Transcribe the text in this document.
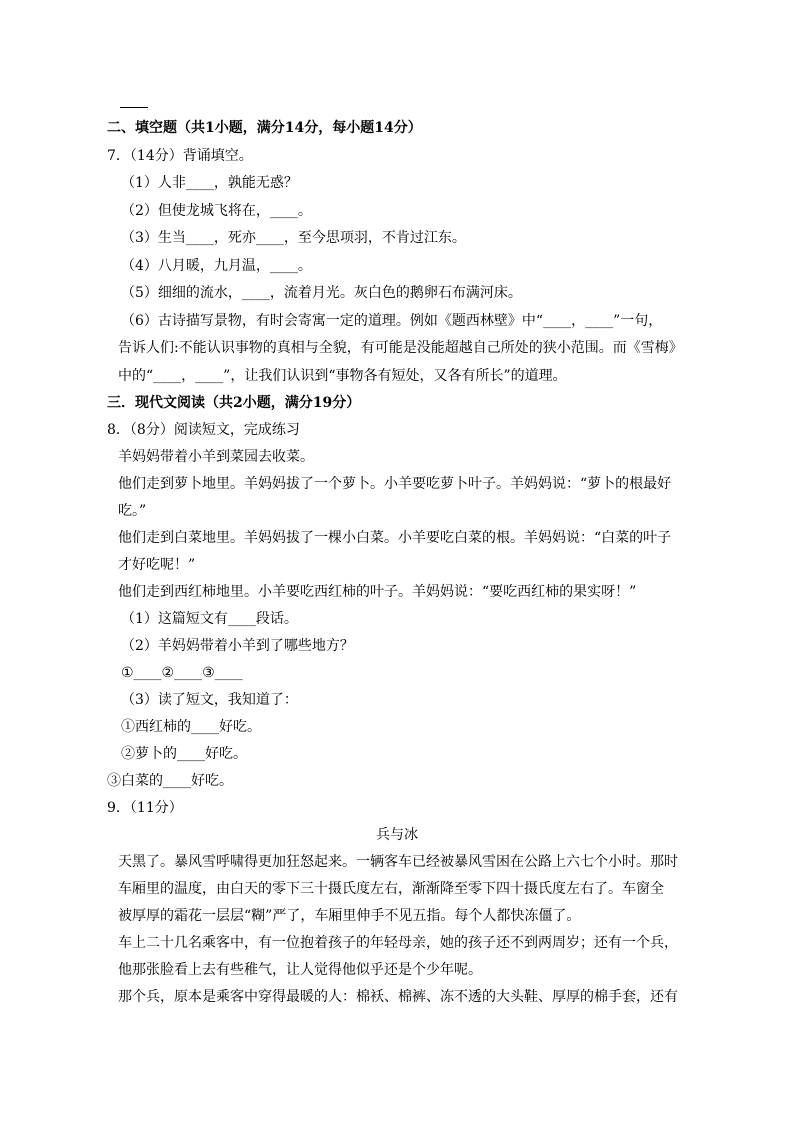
二、填空题（共1小题，满分14分，每小题14分）
7．（14分）背诵填空。
（1）人非____，孰能无惑？
（2）但使龙城飞将在，____。
（3）生当____，死亦____，至今思项羽，不肯过江东。
（4）八月暖，九月温，____。
（5）细细的流水，____，流着月光。灰白色的鹅卵石布满河床。
（6）古诗描写景物，有时会寄寓一定的道理。例如《题西林壁》中“____，____”一句，
告诉人们:不能认识事物的真相与全貌，有可能是没能超越自己所处的狭小范围。而《雪梅》
中的“____，____”，让我们认识到“事物各有短处，又各有所长”的道理。
三．现代文阅读（共2小题，满分19分）
8．（8分）阅读短文，完成练习
羊妈妈带着小羊到菜园去收菜。
他们走到萝卜地里。羊妈妈拔了一个萝卜。小羊要吃萝卜叶子。羊妈妈说：“萝卜的根最好
吃。”
他们走到白菜地里。羊妈妈拔了一棵小白菜。小羊要吃白菜的根。羊妈妈说：“白菜的叶子
才好吃呢！”
他们走到西红柿地里。小羊要吃西红柿的叶子。羊妈妈说：“要吃西红柿的果实呀！”
（1）这篇短文有____段话。
（2）羊妈妈带着小羊到了哪些地方？
①____②____③____
（3）读了短文，我知道了：
①西红柿的____好吃。
②萝卜的____好吃。
③白菜的____好吃。
9．（11分）
兵与冰
天黑了。暴风雪呼啸得更加狂怒起来。一辆客车已经被暴风雪困在公路上六七个小时。那时
车厢里的温度，由白天的零下三十摄氏度左右，渐渐降至零下四十摄氏度左右了。车窗全
被厚厚的霜花一层层“糊”严了，车厢里伸手不见五指。每个人都快冻僵了。
车上二十几名乘客中，有一位抱着孩子的年轻母亲，她的孩子还不到两周岁；还有一个兵，
他那张脸看上去有些稚气，让人觉得他似乎还是个少年呢。
那个兵，原本是乘客中穿得最暖的人：棉袄、棉裤、冻不透的大头鞋、厚厚的棉手套，还有
